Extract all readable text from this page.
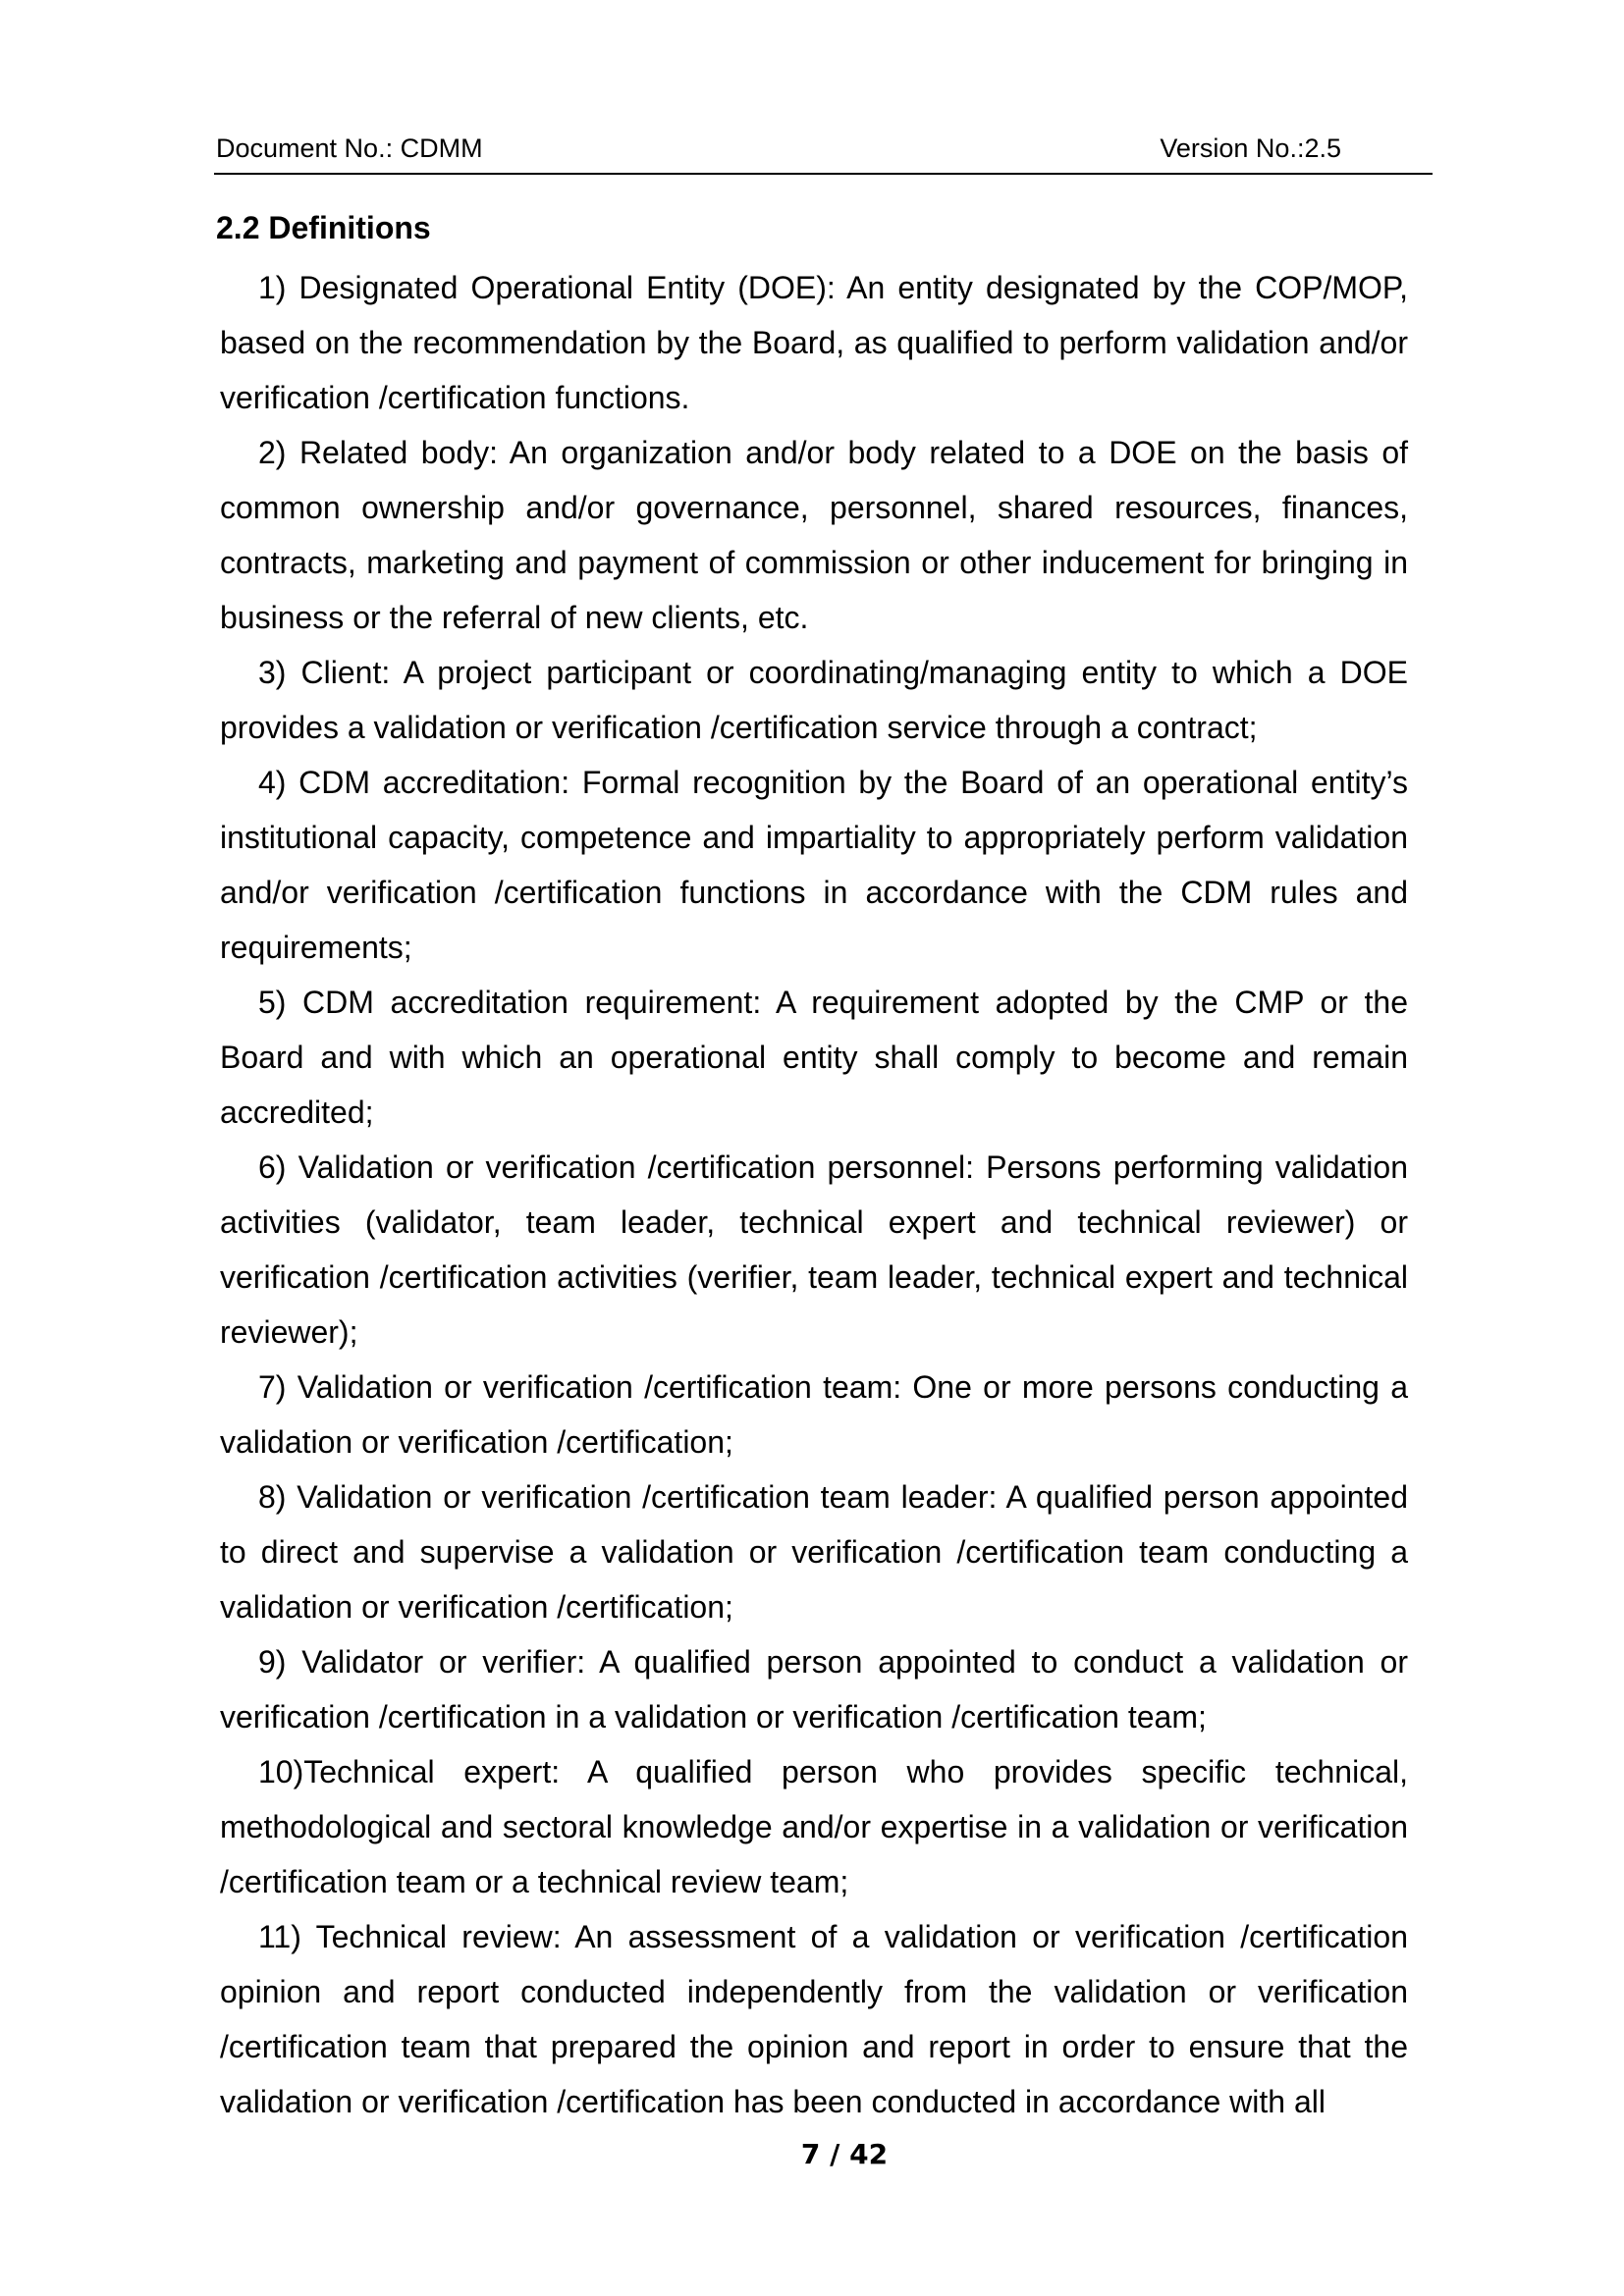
Document No.: CDMM	Version No.:2.5
2.2 Definitions

1) Designated Operational Entity (DOE): An entity designated by the COP/MOP, based on the recommendation by the Board, as qualified to perform validation and/or verification /certification functions.

2) Related body: An organization and/or body related to a DOE on the basis of common ownership and/or governance, personnel, shared resources, finances, contracts, marketing and payment of commission or other inducement for bringing in business or the referral of new clients, etc.

3) Client: A project participant or coordinating/managing entity to which a DOE provides a validation or verification /certification service through a contract;

4) CDM accreditation: Formal recognition by the Board of an operational entity’s institutional capacity, competence and impartiality to appropriately perform validation and/or verification /certification functions in accordance with the CDM rules and requirements;

5) CDM accreditation requirement: A requirement adopted by the CMP or the Board and with which an operational entity shall comply to become and remain accredited;

6) Validation or verification /certification personnel: Persons performing validation activities (validator, team leader, technical expert and technical reviewer) or verification /certification activities (verifier, team leader, technical expert and technical reviewer);

7) Validation or verification /certification team: One or more persons conducting a validation or verification /certification;

8) Validation or verification /certification team leader: A qualified person appointed to direct and supervise a validation or verification /certification team conducting a validation or verification /certification;

9) Validator or verifier: A qualified person appointed to conduct a validation or verification /certification in a validation or verification /certification team;

10)Technical expert: A qualified person who provides specific technical, methodological and sectoral knowledge and/or expertise in a validation or verification /certification team or a technical review team;

11) Technical review: An assessment of a validation or verification /certification opinion and report conducted independently from the validation or verification /certification team that prepared the opinion and report in order to ensure that the validation or verification /certification has been conducted in accordance with all

7 / 42
